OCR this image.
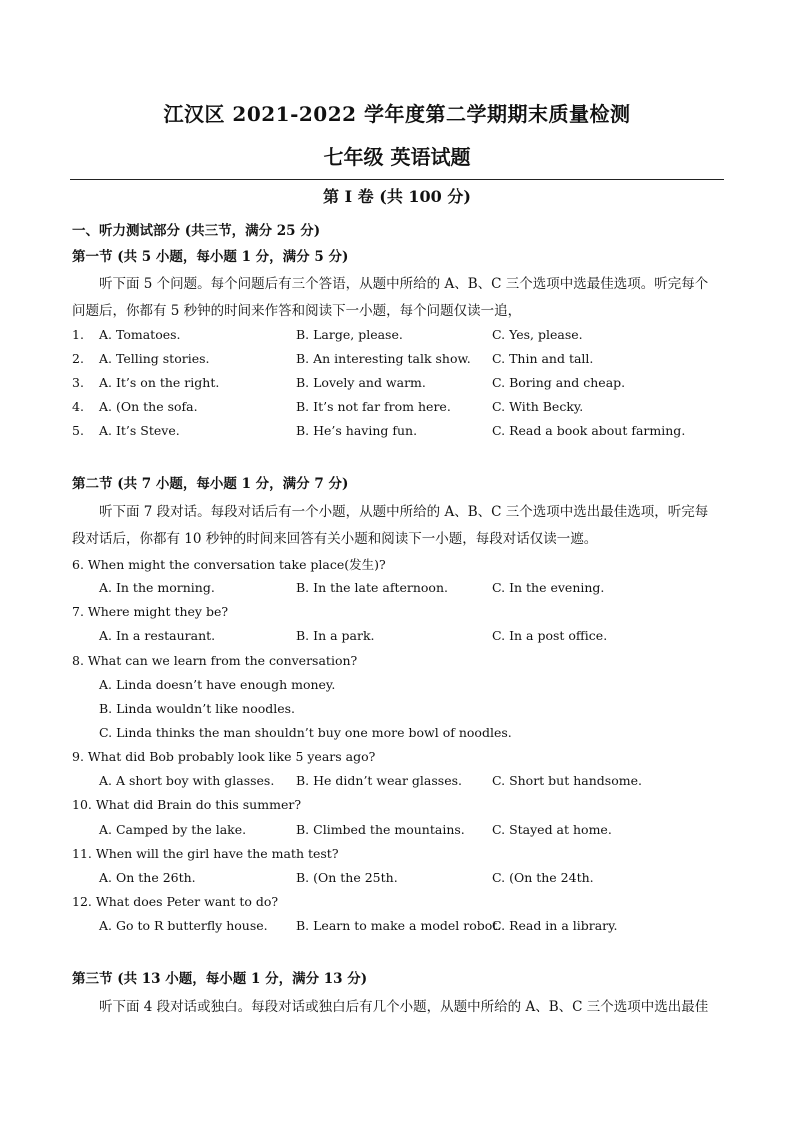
江汉区 2021-2022 学年度第二学期期末质量检测
七年级 英语试题
第 I 卷 (共 100 分)
一、听力测试部分 (共三节，满分 25 分)
第一节 (共 5 小题，每小题 1 分，满分 5 分)
听下面 5 个问题。每个问题后有三个答语，从题中所给的 A、B、C 三个选项中选最佳选项。听完每个
问题后，你都有 5 秒钟的时间来作答和阅读下一小题，每个问题仅读一追，
1. A. Tomatoes.	B. Large, please.	C. Yes, please.
2. A. Telling stories.	B. An interesting talk show. C. Thin and tall.
3. A. It’s on the right.	B. Lovely and warm.	C. Boring and cheap.
4. A. (On the sofa.	B. It’s not far from here.	C. With Becky.
5. A. It’s Steve.	B. He’s having fun.	C. Read a book about farming.
第二节 (共 7 小题，每小题 1 分，满分 7 分)
听下面 7 段对话。每段对话后有一个小题，从题中所给的 A、B、C 三个选项中选出最佳选项，听完每
段对话后，你都有 10 秒钟的时间来回答有关小题和阅读下一小题，每段对话仅读一遮。
6. When might the conversation take place(发生)?
A. In the morning.	B. In the late afternoon.	C. In the evening.
7. Where might they be?
A. In a restaurant.	B. In a park.	C. In a post office.
8. What can we learn from the conversation?
A. Linda doesn’t have enough money.
B. Linda wouldn’t like noodles.
C. Linda thinks the man shouldn’t buy one more bowl of noodles.
9. What did Bob probably look like 5 years ago?
A. A short boy with glasses. B. He didn’t wear glasses. C. Short but handsome.
10. What did Brain do this summer?
A. Camped by the lake.	B. Climbed the mountains. C. Stayed at home.
11. When will the girl have the math test?
A. On the 26th.	B. (On the 25th.	C. (On the 24th.
12. What does Peter want to do?
A. Go to R butterfly house. B. Learn to make a model robot.
C. Read in a library.
第三节 (共 13 小题，每小题 1 分，满分 13 分)
听下面 4 段对话或独白。每段对话或独白后有几个小题，从题中所给的 A、B、C 三个选项中选出最佳
